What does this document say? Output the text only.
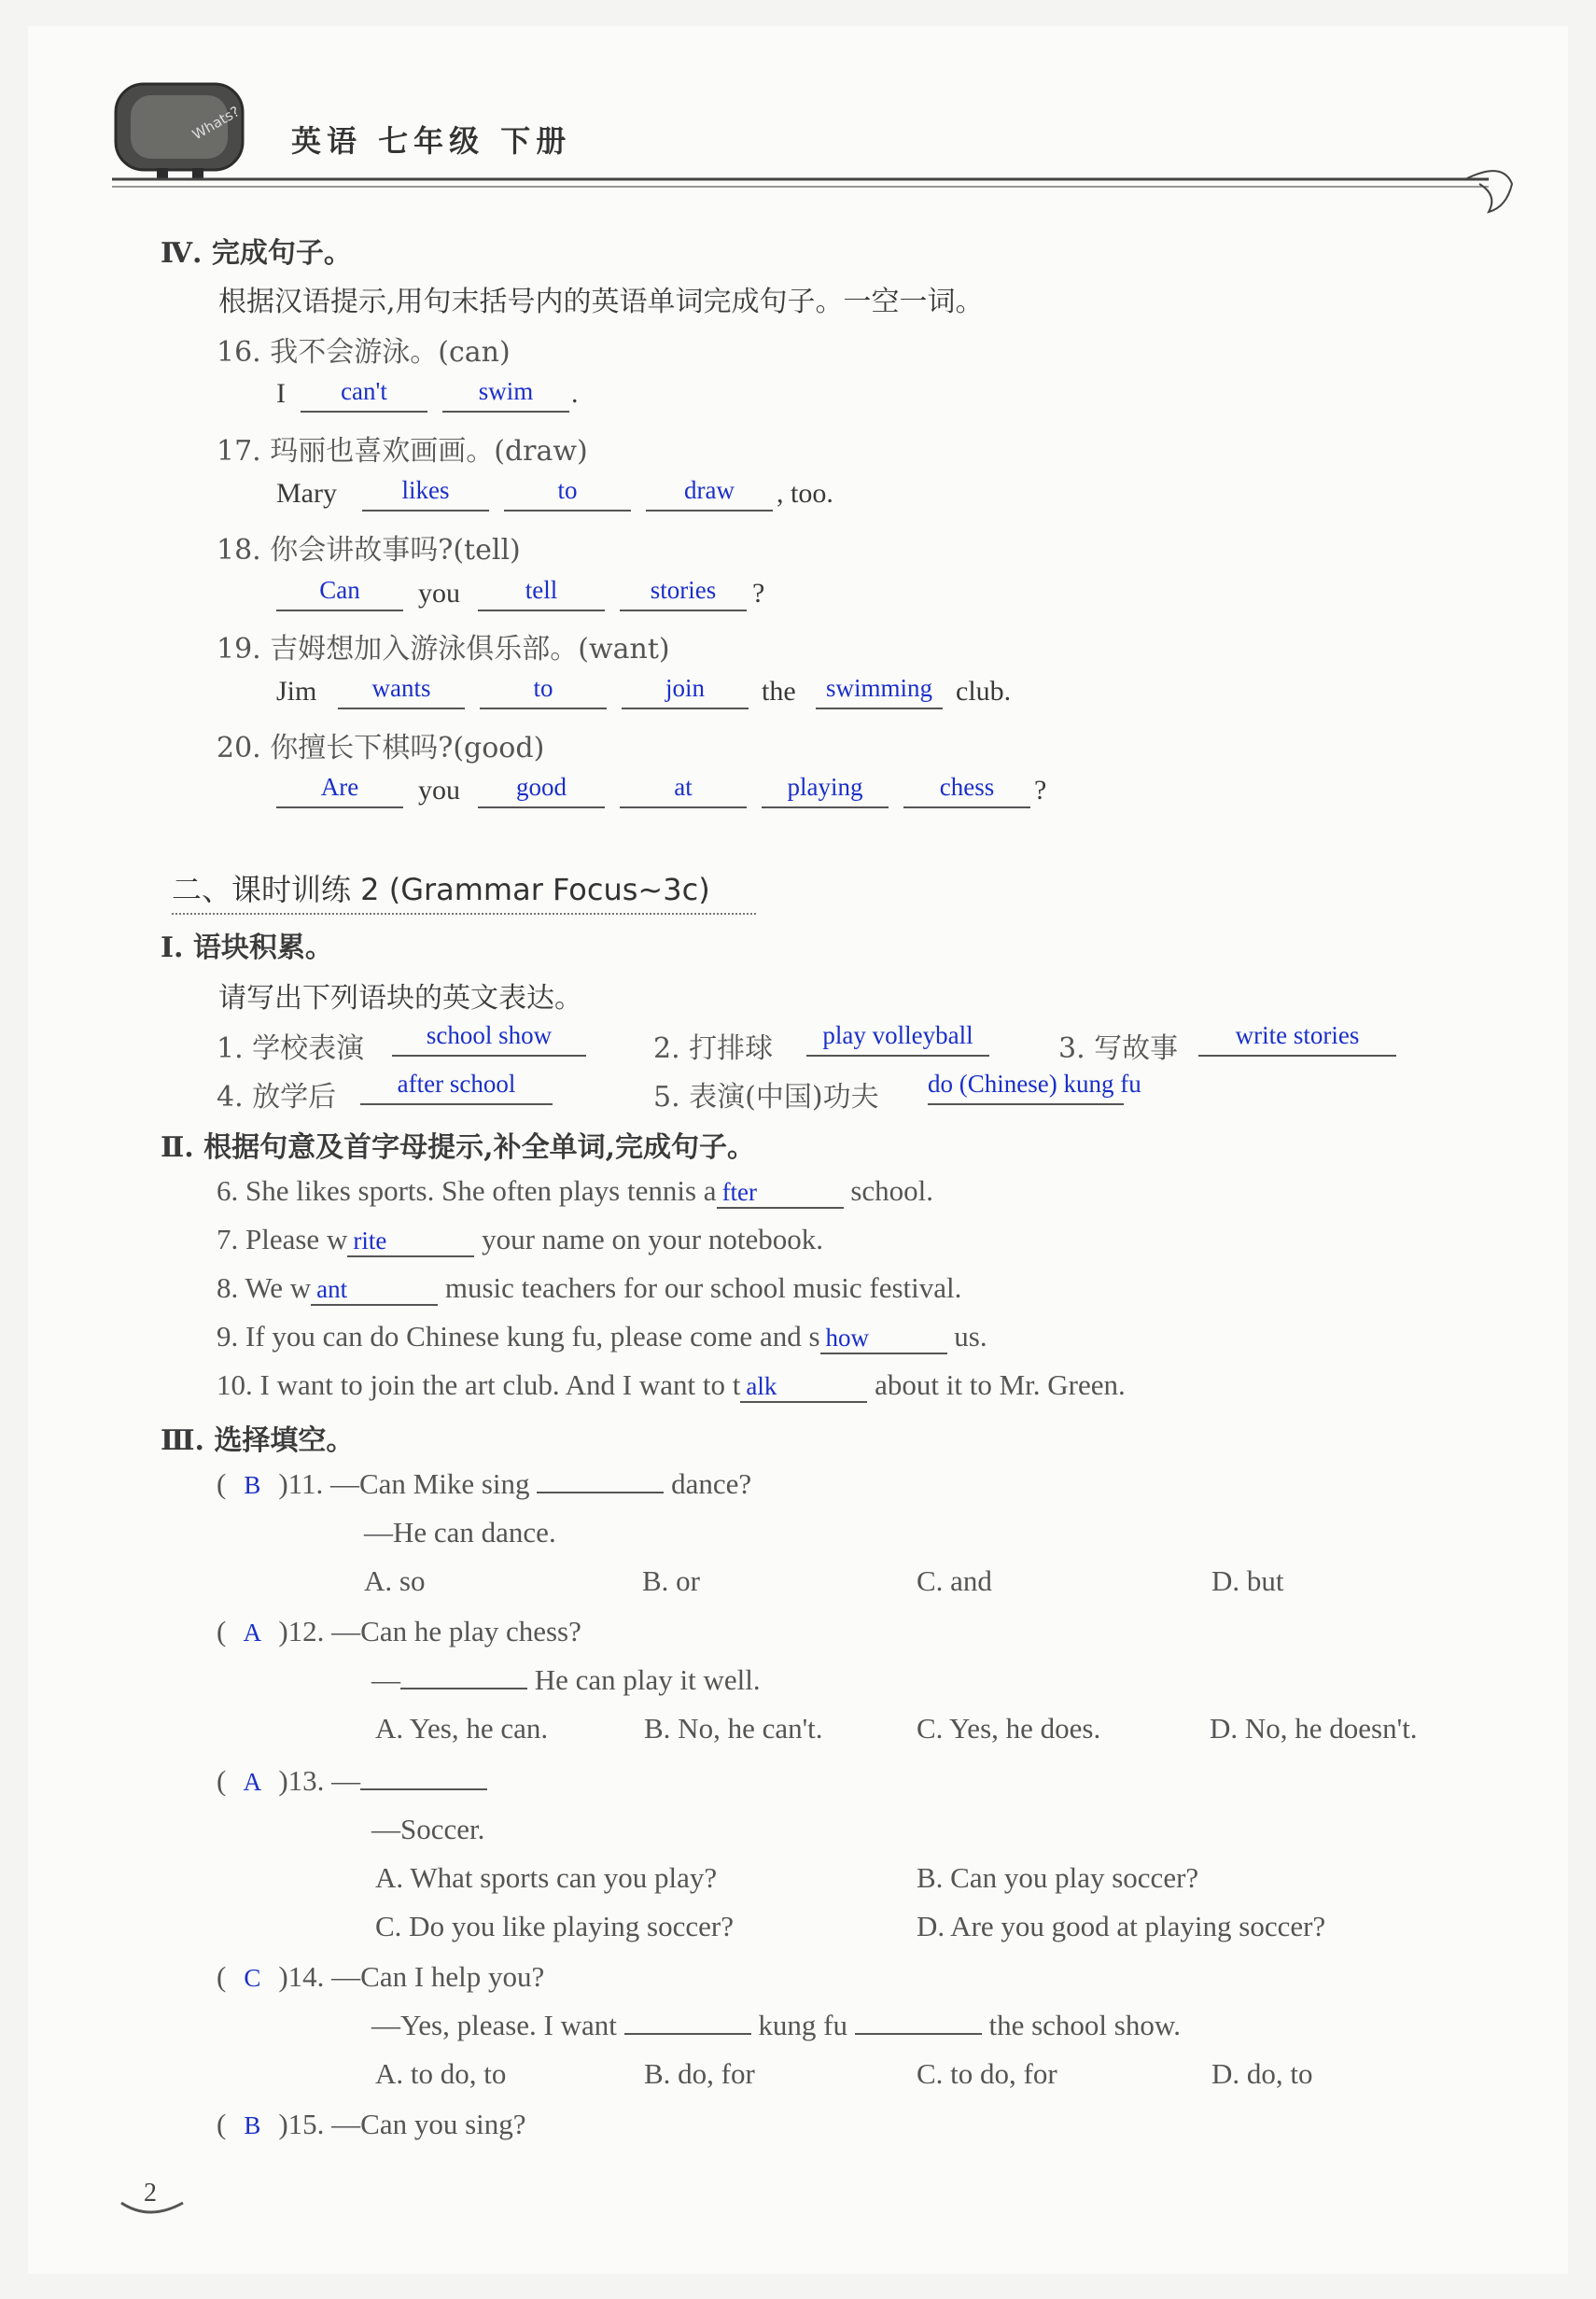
Whats? 英语 七年级 下册
Ⅳ. 完成句子。
根据汉语提示,用句末括号内的英语单词完成句子。一空一词。
16. 我不会游泳。(can)
I	can't	swim	.
17. 玛丽也喜欢画画。(draw)
Mary	likes	to	draw	, too.
18. 你会讲故事吗?(tell)
Can	you	tell	stories	?
19. 吉姆想加入游泳俱乐部。(want)
Jim	wants	to	join	the	swimming club.
20. 你擅长下棋吗?(good)
Are	you	good	at	playing	chess	?
二、课时训练 2 (Grammar Focus~3c)
Ⅰ. 语块积累。
请写出下列语块的英文表达。
1. 学校表演	school show	2. 打排球	play volleyball	3. 写故事	write stories
4. 放学后	after school	5. 表演(中国)功夫 do (Chinese) kung fu
Ⅱ. 根据句意及首字母提示,补全单词,完成句子。
6. She likes sports. She often plays tennis a fter	school.
7. Please w rite	your name on your notebook.
8. We w ant	music teachers for our school music festival.
9. If you can do Chinese kung fu, please come and s how	us.
10. I want to join the art club. And I want to t alk	about it to Mr. Green.
Ⅲ. 选择填空。
( B )11. —Can Mike sing	dance?
—He can dance.
A. so	B. or	C. and	D. but
( A )12. —Can he play chess?
—	He can play it well.
A. Yes, he can.	B. No, he can't.	C. Yes, he does.	D. No, he doesn't.
( A )13. —
—Soccer.
A. What sports can you play?	B. Can you play soccer?
C. Do you like playing soccer?	D. Are you good at playing soccer?
( C )14. —Can I help you?
—Yes, please. I want	kung fu	the school show.
A. to do, to	B. do, for	C. to do, for	D. do, to
( B )15. —Can you sing?
2
